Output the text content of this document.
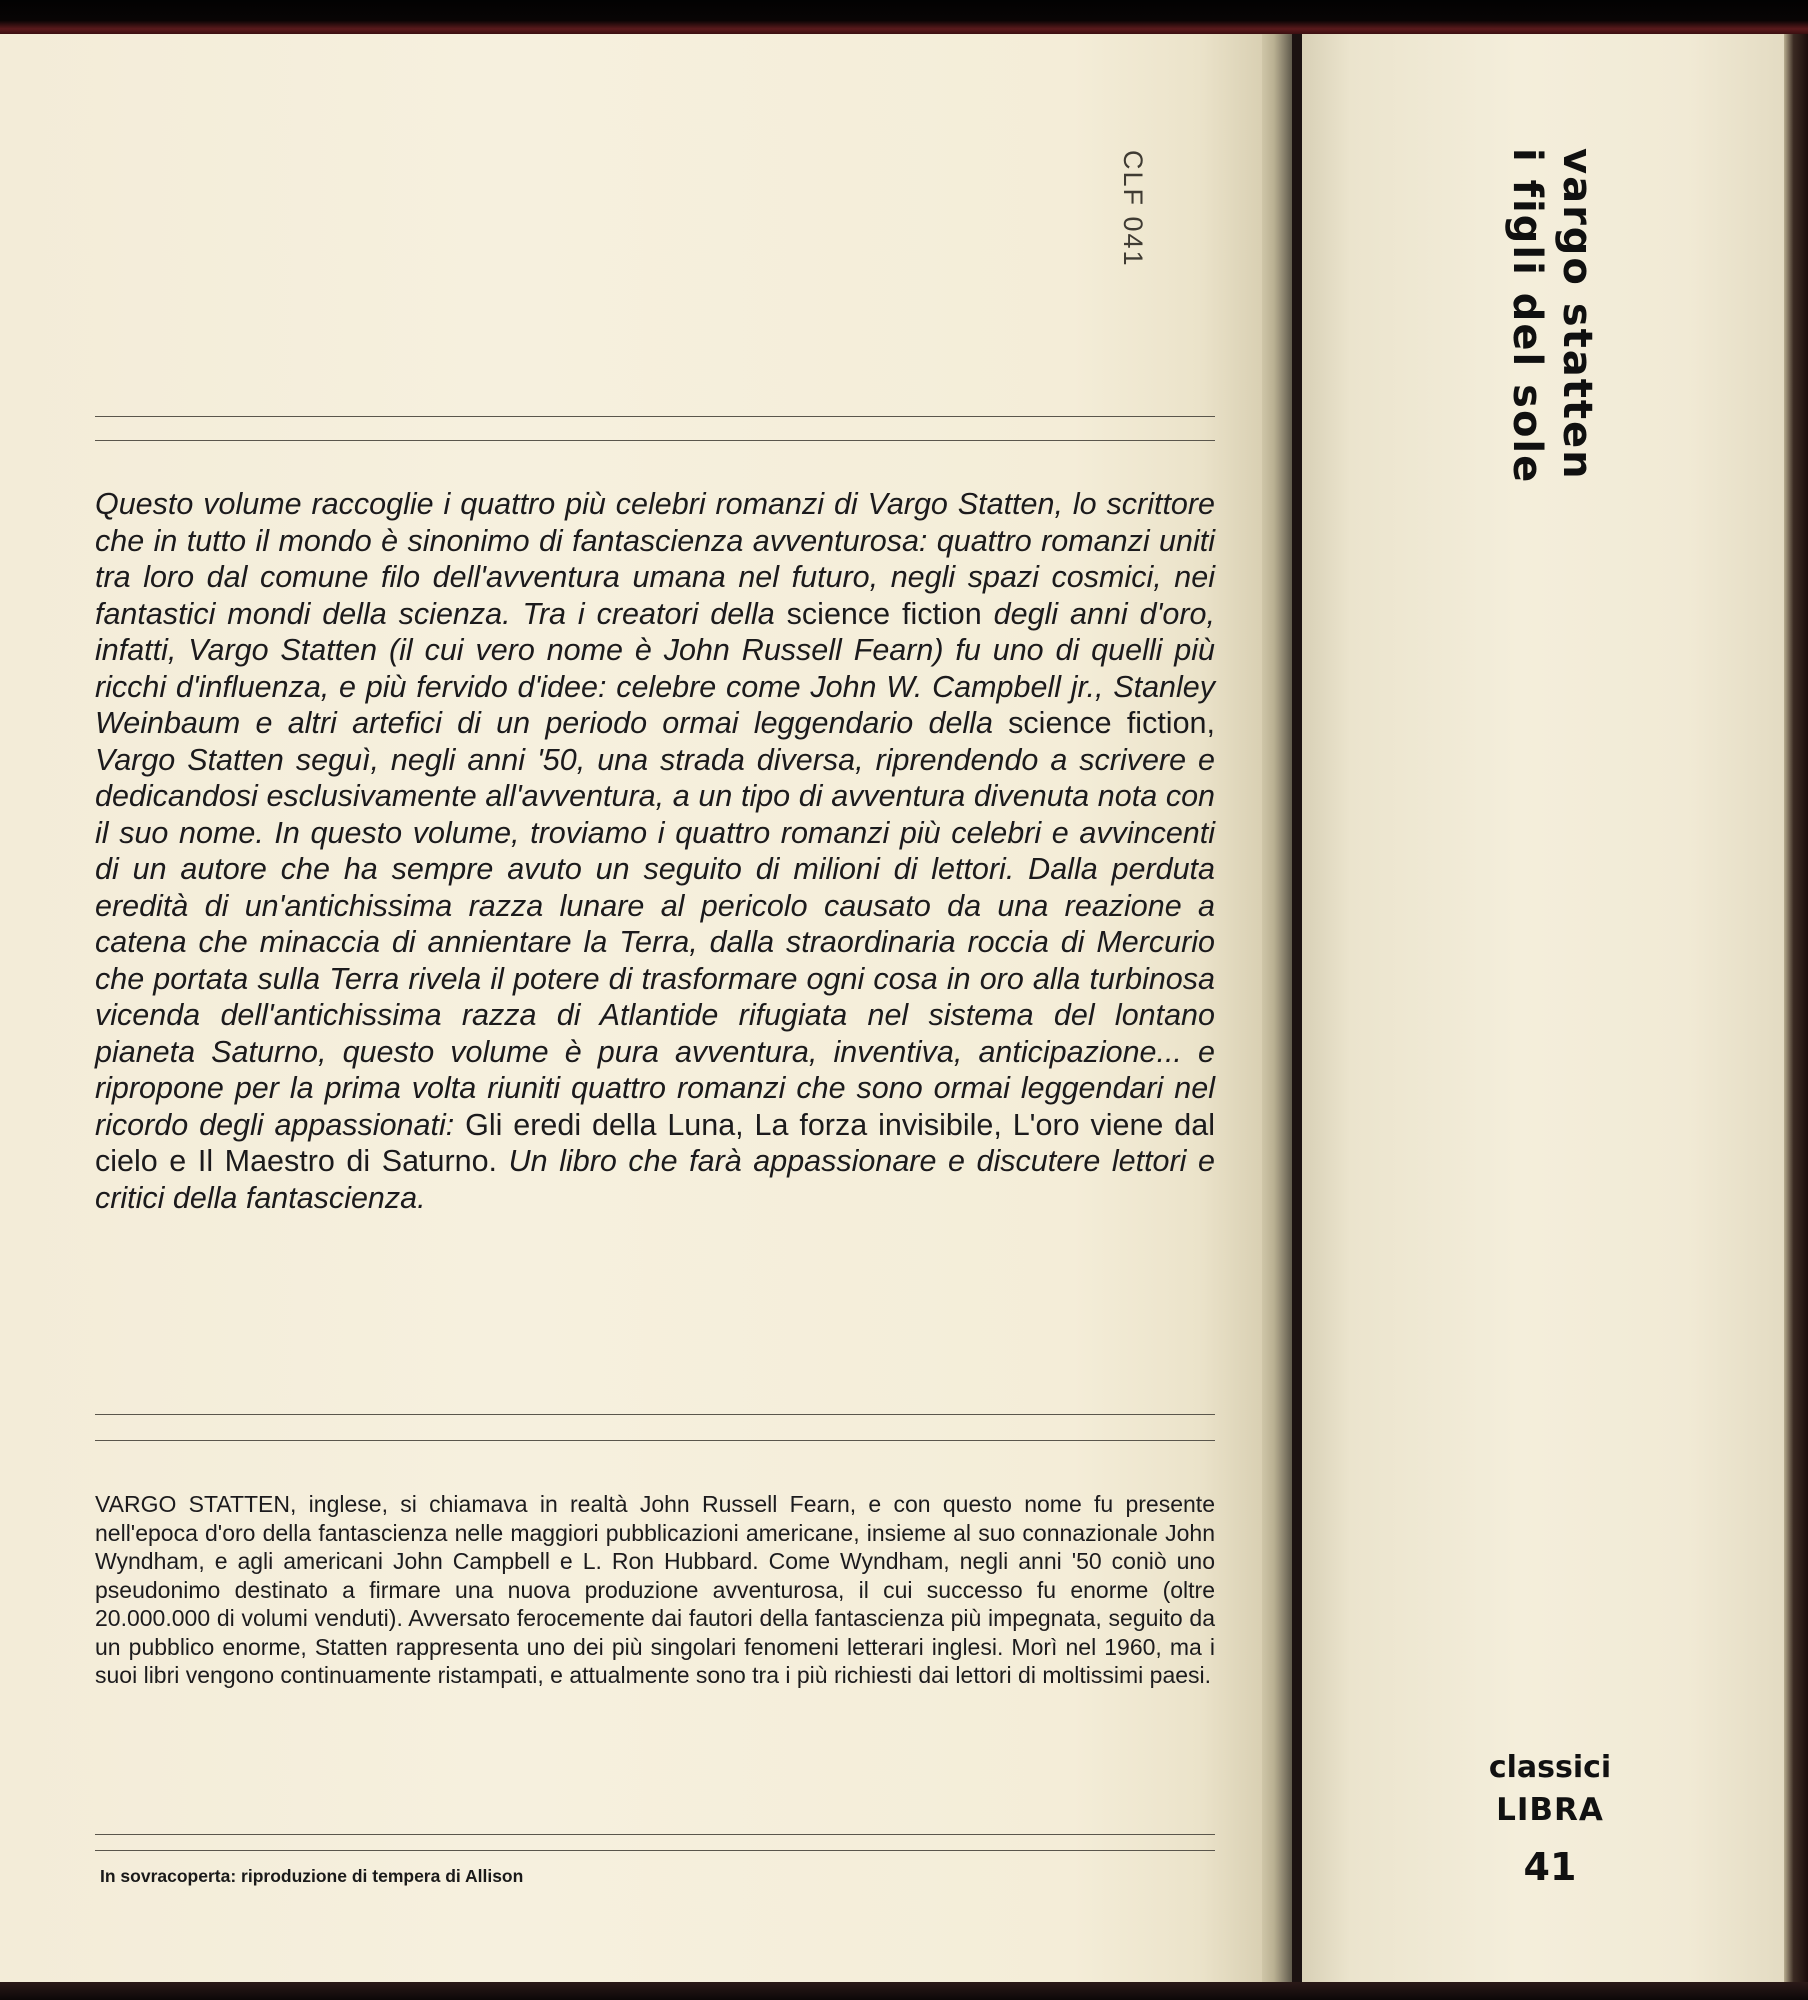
CLF 041

Questo volume raccoglie i quattro più celebri romanzi di Vargo Statten, lo scrittore che in tutto il mondo è sinonimo di fantascienza avventurosa: quattro romanzi uniti tra loro dal comune filo dell'avventura umana nel futuro, negli spazi cosmici, nei fantastici mondi della scienza. Tra i creatori della science fiction degli anni d'oro, infatti, Vargo Statten (il cui vero nome è John Russell Fearn) fu uno di quelli più ricchi d'influenza, e più fervido d'idee: celebre come John W. Campbell jr., Stanley Weinbaum e altri artefici di un periodo ormai leggendario della science fiction, Vargo Statten seguì, negli anni '50, una strada diversa, riprendendo a scrivere e dedicandosi esclusivamente all'avventura, a un tipo di avventura divenuta nota con il suo nome. In questo volume, troviamo i quattro romanzi più celebri e avvincenti di un autore che ha sempre avuto un seguito di milioni di lettori. Dalla perduta eredità di un'antichissima razza lunare al pericolo causato da una reazione a catena che minaccia di annientare la Terra, dalla straordinaria roccia di Mercurio che portata sulla Terra rivela il potere di trasformare ogni cosa in oro alla turbinosa vicenda dell'antichissima razza di Atlantide rifugiata nel sistema del lontano pianeta Saturno, questo volume è pura avventura, inventiva, anticipazione... e ripropone per la prima volta riuniti quattro romanzi che sono ormai leggendari nel ricordo degli appassionati: Gli eredi della Luna, La forza invisibile, L'oro viene dal cielo e Il Maestro di Saturno. Un libro che farà appassionare e discutere lettori e critici della fantascienza.

VARGO STATTEN, inglese, si chiamava in realtà John Russell Fearn, e con questo nome fu presente nell'epoca d'oro della fantascienza nelle maggiori pubblicazioni americane, insieme al suo connazionale John Wyndham, e agli americani John Campbell e L. Ron Hubbard. Come Wyndham, negli anni '50 coniò uno pseudonimo destinato a firmare una nuova produzione avventurosa, il cui successo fu enorme (oltre 20.000.000 di volumi venduti). Avversato ferocemente dai fautori della fantascienza più impegnata, seguito da un pubblico enorme, Statten rappresenta uno dei più singolari fenomeni letterari inglesi. Morì nel 1960, ma i suoi libri vengono continuamente ristampati, e attualmente sono tra i più richiesti dai lettori di moltissimi paesi.

In sovracoperta: riproduzione di tempera di Allison
vargo statten
i figli del sole
classici
LIBRA
41
